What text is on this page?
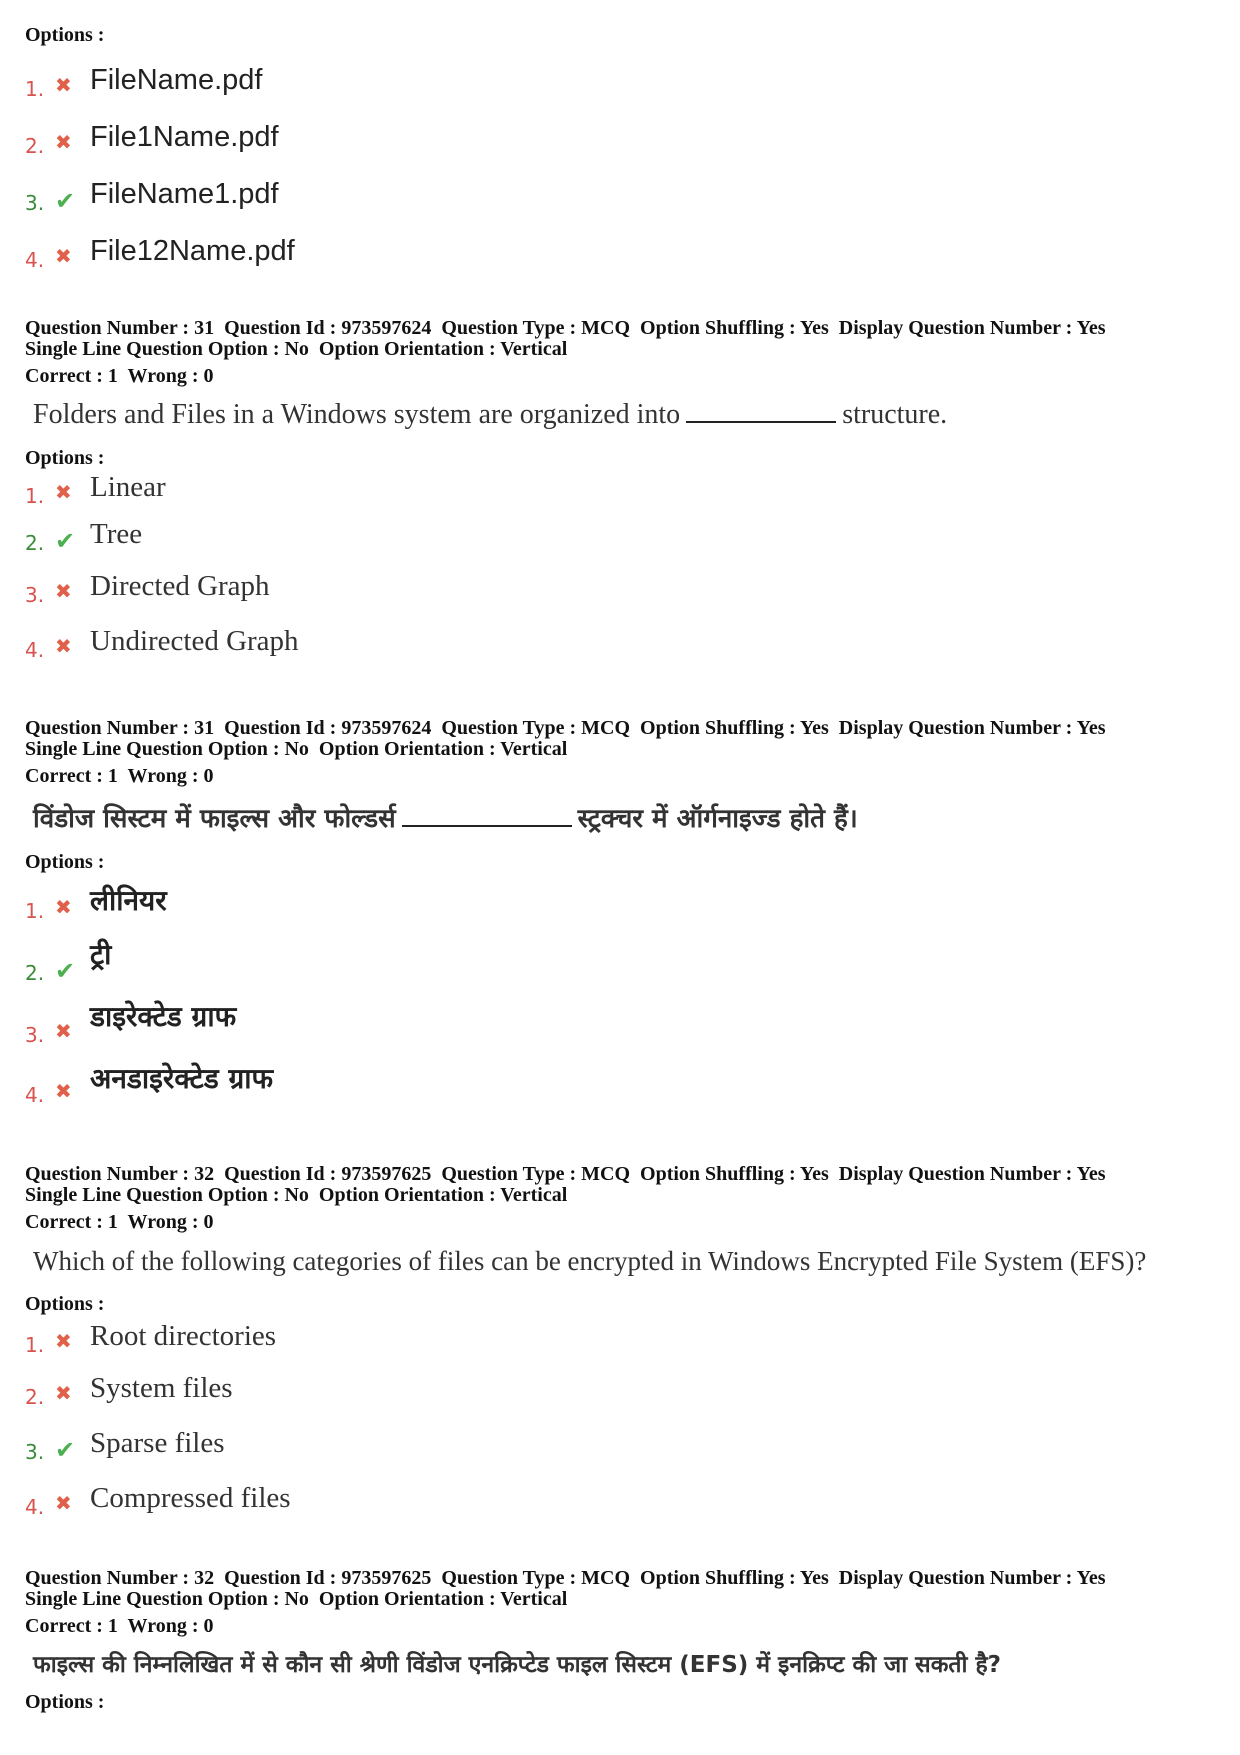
Options :
1. ✖ FileName.pdf
2. ✖ File1Name.pdf
3. ✔ FileName1.pdf
4. ✖ File12Name.pdf
Question Number : 31  Question Id : 973597624  Question Type : MCQ  Option Shuffling : Yes  Display Question Number : Yes
Single Line Question Option : No  Option Orientation : Vertical
Correct : 1  Wrong : 0
Folders and Files in a Windows system are organized into	structure.
Options :
1. ✖ Linear
2. ✔ Tree
3. ✖ Directed Graph
4. ✖ Undirected Graph
Question Number : 31  Question Id : 973597624  Question Type : MCQ  Option Shuffling : Yes  Display Question Number : Yes
Single Line Question Option : No  Option Orientation : Vertical
Correct : 1  Wrong : 0
विंडोज सिस्टम में फाइल्स और फोल्डर्स	स्ट्रक्चर में ऑर्गनाइज्ड होते हैं।
Options :
1. ✖ लीनियर
2. ✔ ट्री
3. ✖ डाइरेक्टेड ग्राफ
4. ✖ अनडाइरेक्टेड ग्राफ
Question Number : 32  Question Id : 973597625  Question Type : MCQ  Option Shuffling : Yes  Display Question Number : Yes
Single Line Question Option : No  Option Orientation : Vertical
Correct : 1  Wrong : 0
Which of the following categories of files can be encrypted in Windows Encrypted File System (EFS)?
Options :
1. ✖ Root directories
2. ✖ System files
3. ✔ Sparse files
4. ✖ Compressed files
Question Number : 32  Question Id : 973597625  Question Type : MCQ  Option Shuffling : Yes  Display Question Number : Yes
Single Line Question Option : No  Option Orientation : Vertical
Correct : 1  Wrong : 0
फाइल्स की निम्नलिखित में से कौन सी श्रेणी विंडोज एनक्रिप्टेड फाइल सिस्टम (EFS) में इनक्रिप्ट की जा सकती है?
Options :
